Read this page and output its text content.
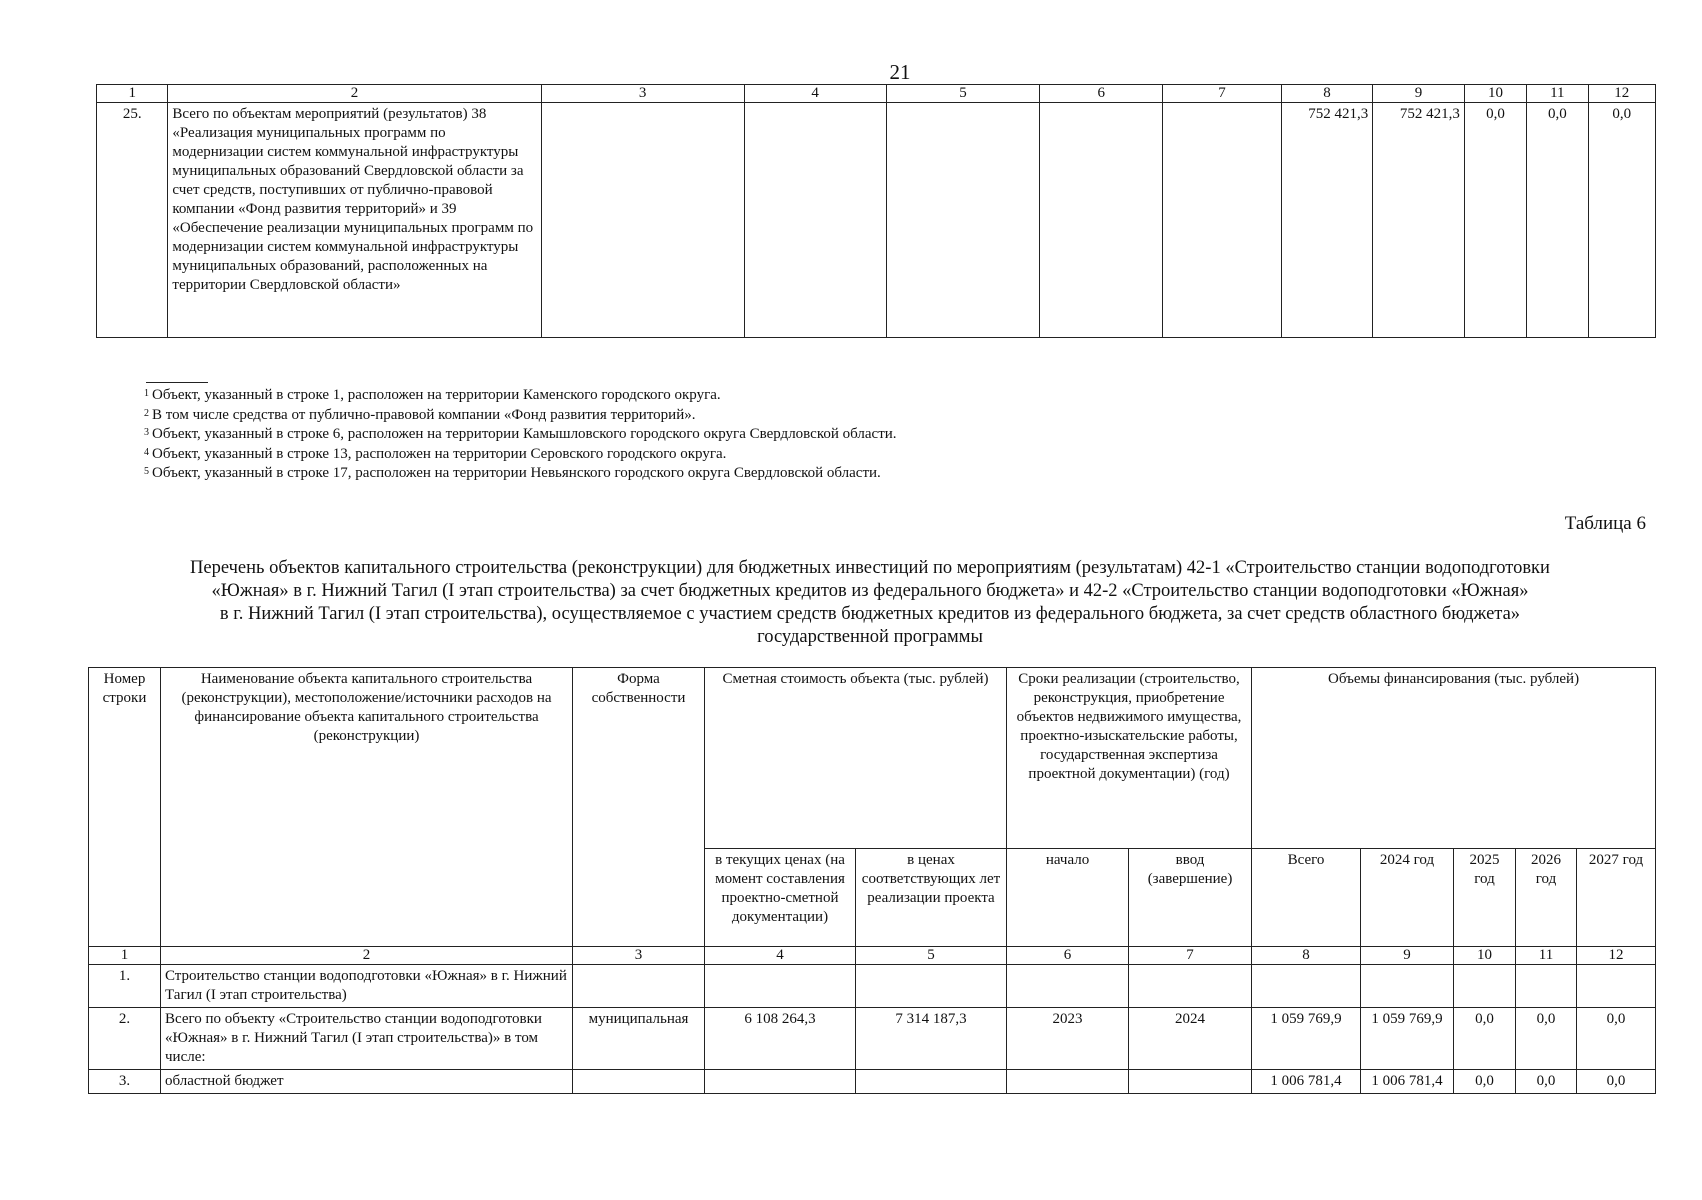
21
1	2	3	4	5	6	7	8	9	10	11	12
25.	Всего по объектам мероприятий (результатов) 38 «Реализация муниципальных программ по модернизации систем коммунальной инфраструктуры муниципальных образований Свердловской области за счет средств, поступивших от публично-правовой компании «Фонд развития территорий» и 39 «Обеспечение реализации муниципальных программ по модернизации систем коммунальной инфраструктуры муниципальных образований, расположенных на территории Свердловской области»						752 421,3	752 421,3	0,0	0,0	0,0
$^1$ Объект, указанный в строке 1, расположен на территории Каменского городского округа.
$^2$ В том числе средства от публично-правовой компании «Фонд развития территорий».
$^3$ Объект, указанный в строке 6, расположен на территории Камышловского городского округа Свердловской области.
$^4$ Объект, указанный в строке 13, расположен на территории Серовского городского округа.
$^5$ Объект, указанный в строке 17, расположен на территории Невьянского городского округа Свердловской области.
Таблица 6
Перечень объектов капитального строительства (реконструкции) для бюджетных инвестиций по мероприятиям (результатам) 42-1 «Строительство станции водоподготовки
«Южная» в г. Нижний Тагил (I этап строительства) за счет бюджетных кредитов из федерального бюджета» и 42-2 «Строительство станции водоподготовки «Южная»
в г. Нижний Тагил (I этап строительства), осуществляемое с участием средств бюджетных кредитов из федерального бюджета, за счет средств областного бюджета»
государственной программы
Номер строки	Наименование объекта капитального строительства (реконструкции), местоположение/источники расходов на финансирование объекта капитального строительства (реконструкции)	Форма собственности	Сметная стоимость объекта (тыс. рублей)		Сроки реализации (строительство, реконструкция, приобретение объектов недвижимого имущества, проектно-изыскательские работы, государственная экспертиза проектной документации) (год)		Объемы финансирования (тыс. рублей)				
			в текущих ценах (на момент составления проектно-сметной документации)	в ценах соответствующих лет реализации проекта	начало	ввод (завершение)	Всего	2024 год	2025 год	2026 год	2027 год
1	2	3	4	5	6	7	8	9	10	11	12
1.	Строительство станции водоподготовки «Южная» в г. Нижний Тагил (I этап строительства)										
2.	Всего по объекту «Строительство станции водоподготовки «Южная» в г. Нижний Тагил (I этап строительства)» в том числе:	муниципальная	6 108 264,3	7 314 187,3	2023	2024	1 059 769,9	1 059 769,9	0,0	0,0	0,0
3.	областной бюджет						1 006 781,4	1 006 781,4	0,0	0,0	0,0
